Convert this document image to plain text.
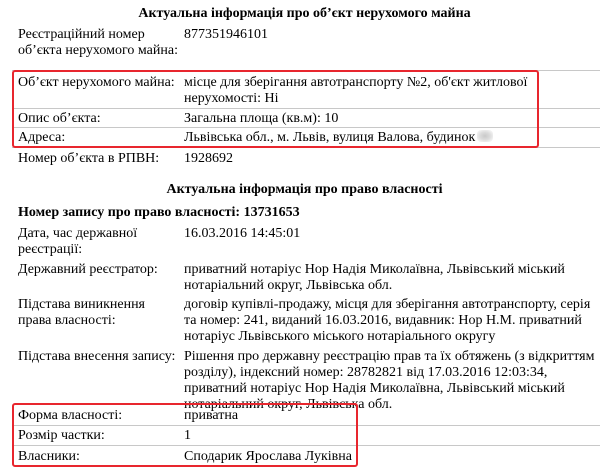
Актуальна інформація про об’єкт нерухомого майна
Реєстраційний номер об’єкта нерухомого майна:
877351946101
Об’єкт нерухомого майна: місце для зберігання автотранспорту №2, об'єкт житлової нерухомості: Ні
Опис об’єкта:	Загальна площа (кв.м): 10
Адреса:	Львівська обл., м. Львів, вулиця Валова, будинок
Номер об’єкта в РПВН:	1928692
Актуальна інформація про право власності
Номер запису про право власності: 13731653
Дата, час державної реєстрації:
16.03.2016 14:45:01
Державний реєстратор:	приватний нотаріус Нор Надія Миколаївна, Львівський міський нотаріальний округ, Львівська обл.
Підстава виникнення права власності:
договір купівлі-продажу, місця для зберігання автотранспорту, серія та номер: 241, виданий 16.03.2016, видавник: Нор Н.М. приватний нотаріус Львівського міського нотаріального округу
Підстава внесення запису: Рішення про державну реєстрацію прав та їх обтяжень (з відкриттям розділу), індексний номер: 28782821 від 17.03.2016 12:03:34, приватний нотаріус Нор Надія Миколаївна, Львівський міський нотаріальний округ, Львівська обл.
Форма власності:	приватна
Розмір частки:	1
Власники:	Сподарик Ярослава Луківна
